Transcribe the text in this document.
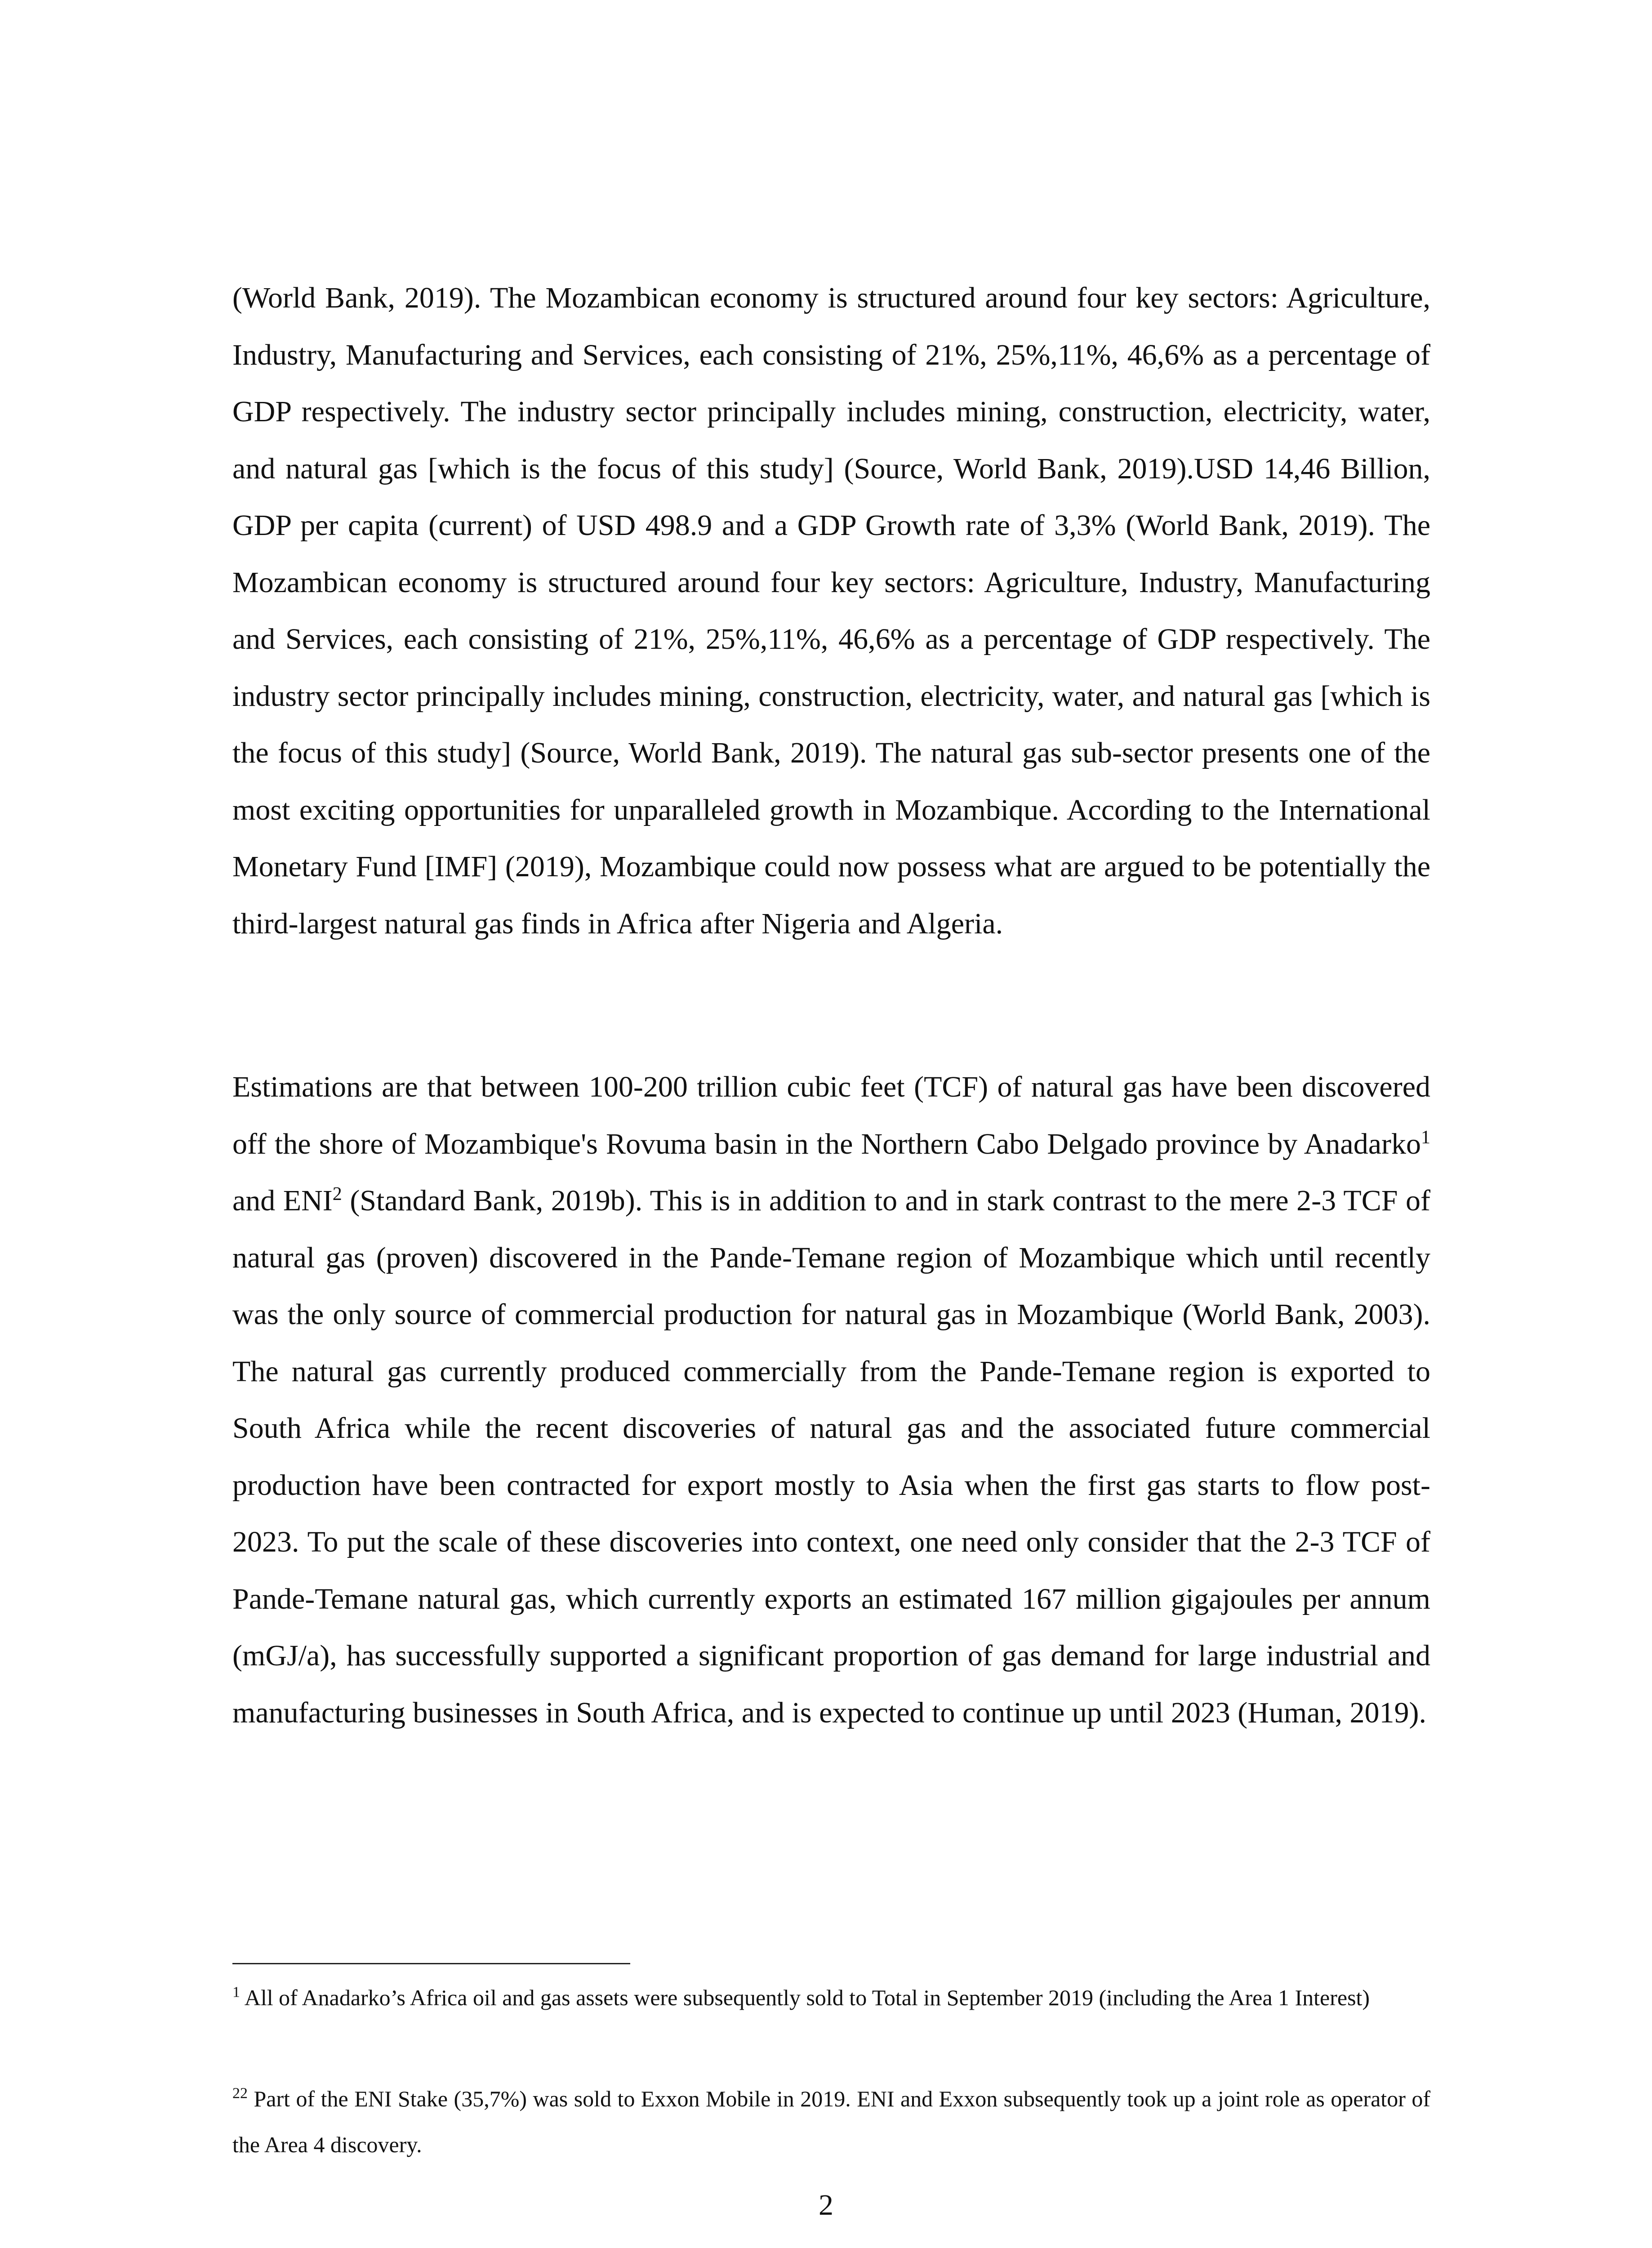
(World Bank, 2019). The Mozambican economy is structured around four key sectors: Agriculture, Industry, Manufacturing and Services, each consisting of 21%, 25%,11%, 46,6% as a percentage of GDP respectively. The industry sector principally includes mining, construction, electricity, water, and natural gas [which is the focus of this study] (Source, World Bank, 2019).USD 14,46 Billion, GDP per capita (current) of USD 498.9 and a GDP Growth rate of 3,3% (World Bank, 2019). The Mozambican economy is structured around four key sectors: Agriculture, Industry, Manufacturing and Services, each consisting of 21%, 25%,11%, 46,6% as a percentage of GDP respectively. The industry sector principally includes mining, construction, electricity, water, and natural gas [which is the focus of this study] (Source, World Bank, 2019). The natural gas sub-sector presents one of the most exciting opportunities for unparalleled growth in Mozambique. According to the International Monetary Fund [IMF] (2019), Mozambique could now possess what are argued to be potentially the third-largest natural gas finds in Africa after Nigeria and Algeria.

Estimations are that between 100-200 trillion cubic feet (TCF) of natural gas have been discovered off the shore of Mozambique's Rovuma basin in the Northern Cabo Delgado province by Anadarko$^1$ and ENI$^2$ (Standard Bank, 2019b). This is in addition to and in stark contrast to the mere 2-3 TCF of natural gas (proven) discovered in the Pande-Temane region of Mozambique which until recently was the only source of commercial production for natural gas in Mozambique (World Bank, 2003). The natural gas currently produced commercially from the Pande-Temane region is exported to South Africa while the recent discoveries of natural gas and the associated future commercial production have been contracted for export mostly to Asia when the first gas starts to flow post-2023. To put the scale of these discoveries into context, one need only consider that the 2-3 TCF of Pande-Temane natural gas, which currently exports an estimated 167 million gigajoules per annum (mGJ/a), has successfully supported a significant proportion of gas demand for large industrial and manufacturing businesses in South Africa, and is expected to continue up until 2023 (Human, 2019).

$^1$ All of Anadarko’s Africa oil and gas assets were subsequently sold to Total in September 2019 (including the Area 1 Interest)

$^{22}$ Part of the ENI Stake (35,7%) was sold to Exxon Mobile in 2019. ENI and Exxon subsequently took up a joint role as operator of the Area 4 discovery.

2
